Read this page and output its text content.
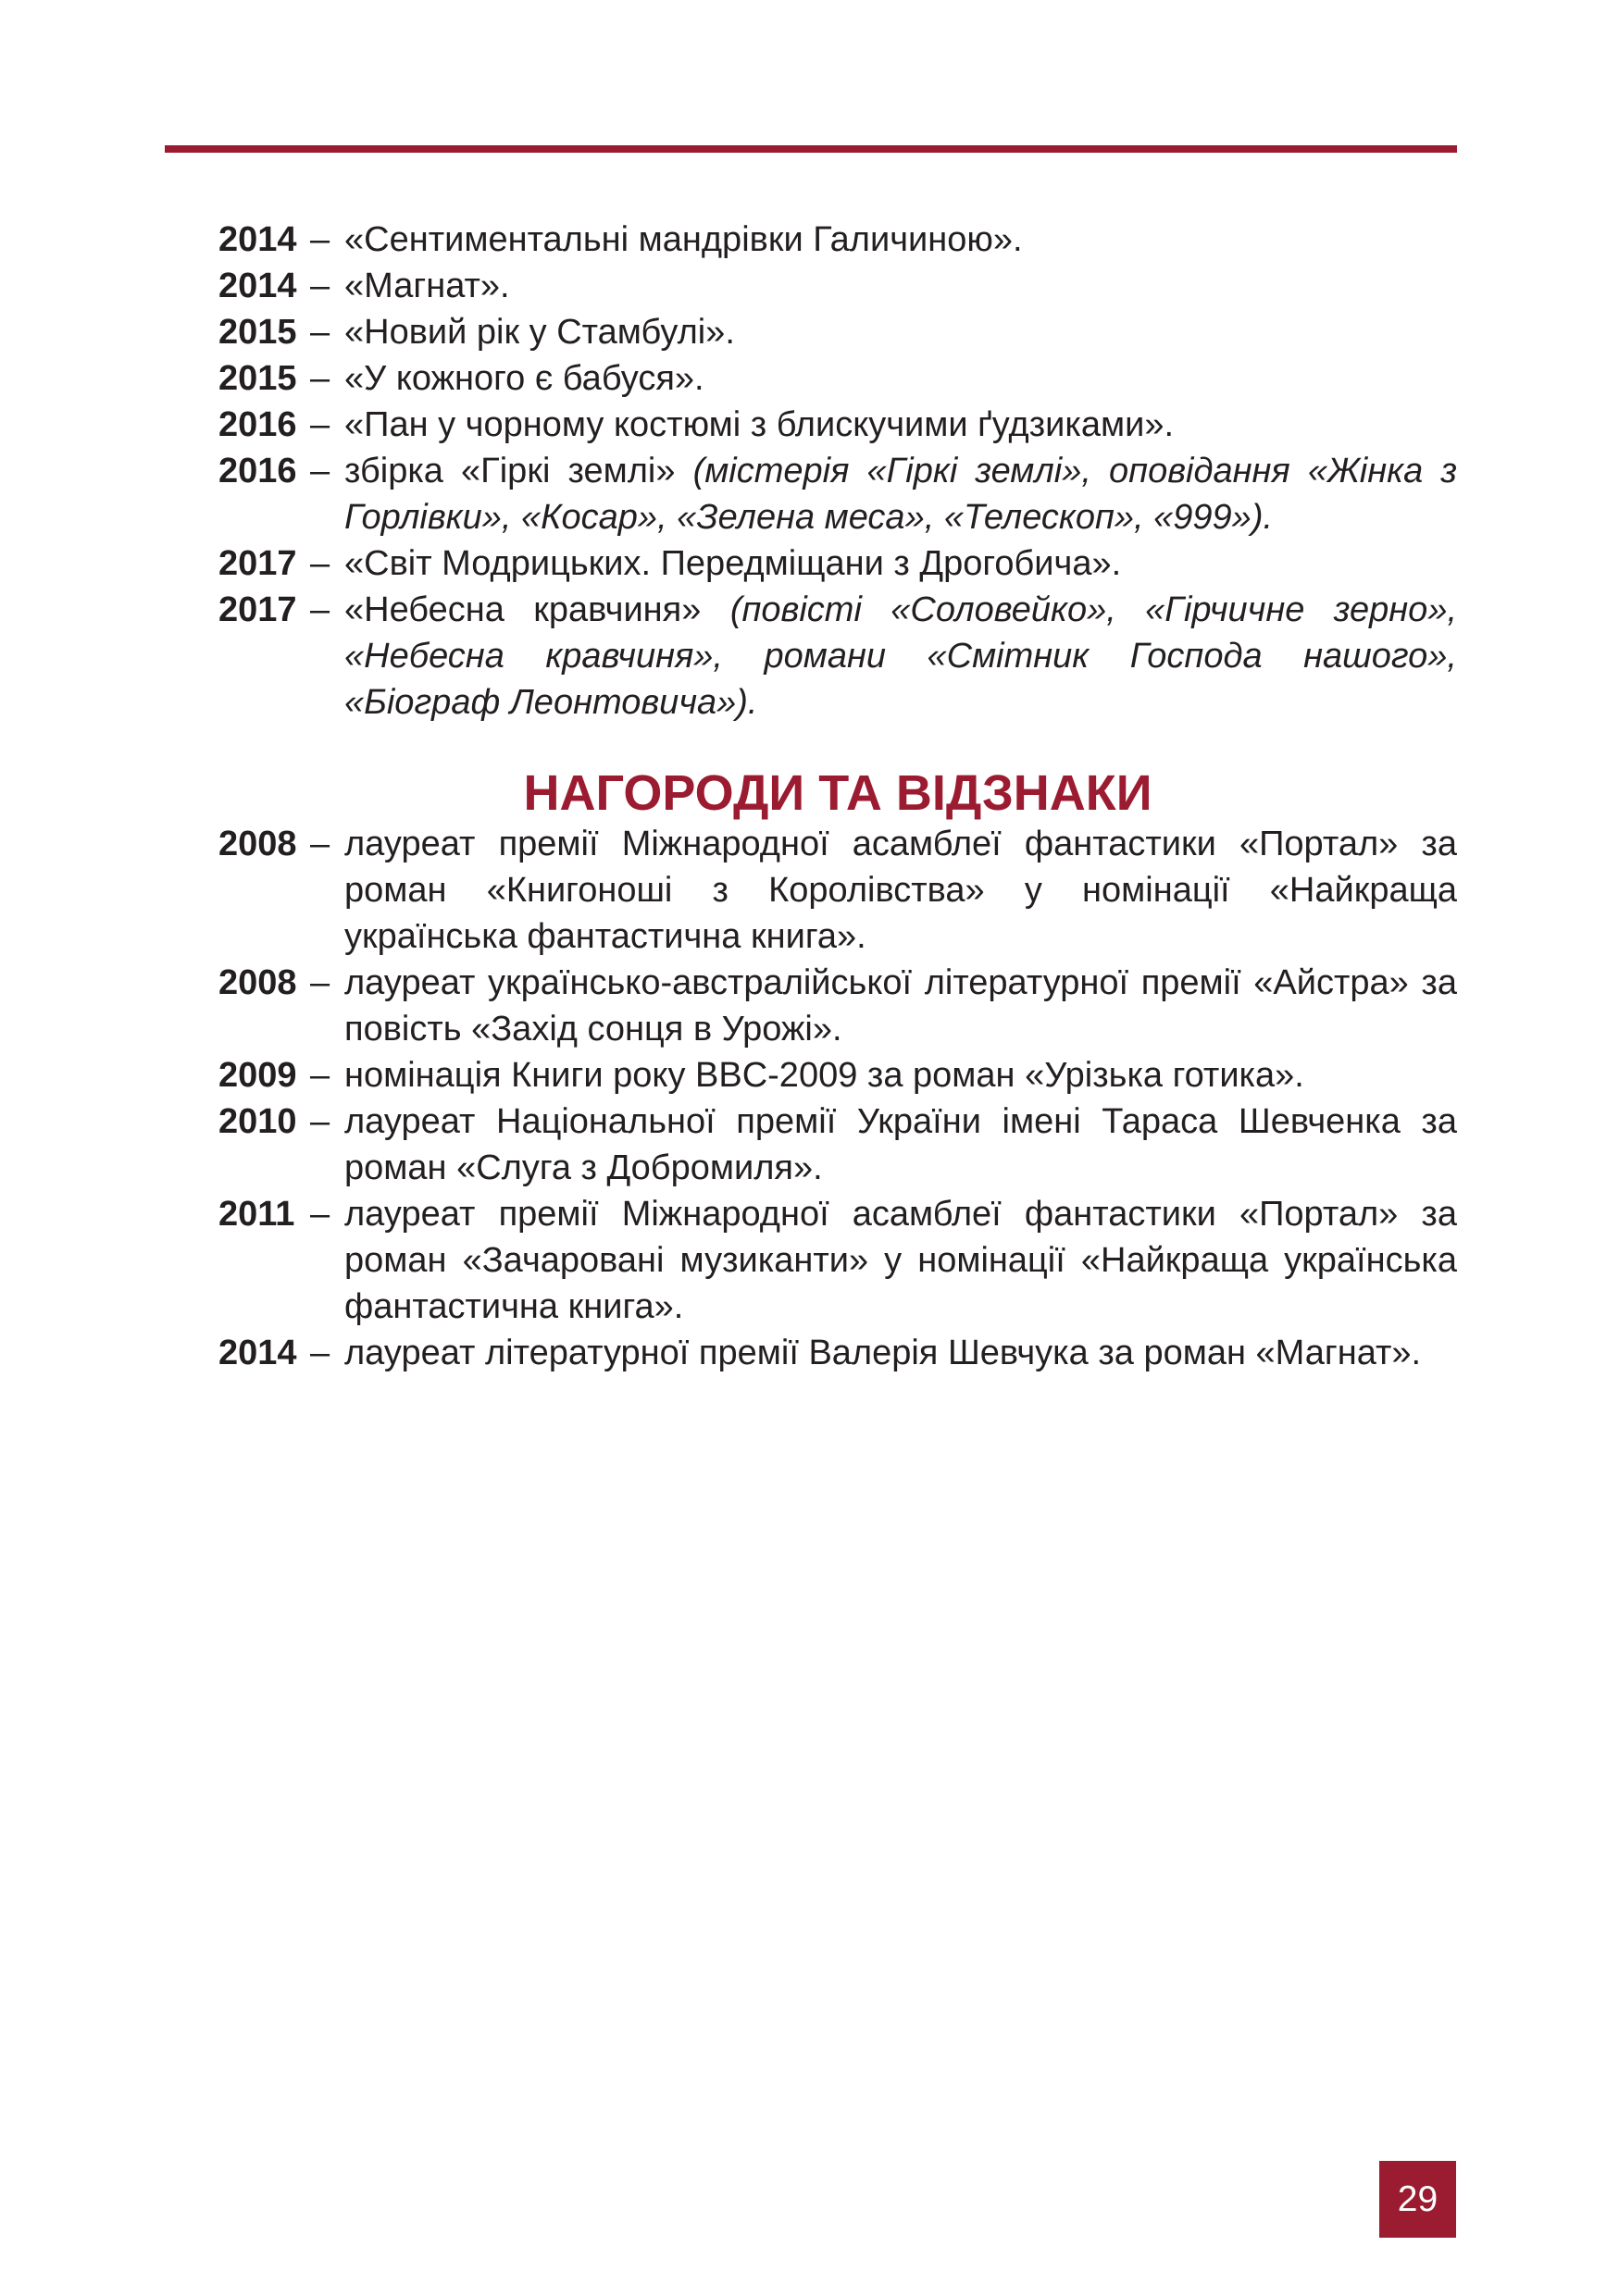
2014 – «Сентиментальні мандрівки Галичиною».
2014 – «Магнат».
2015 – «Новий рік у Стамбулі».
2015 – «У кожного є бабуся».
2016 – «Пан у чорному костюмі з блискучими ґудзиками».
2016 – збірка «Гіркі землі» (містерія «Гіркі землі», оповідання «Жінка з Горлівки», «Косар», «Зелена меса», «Телескоп», «999»).
2017 – «Світ Модрицьких. Передміщани з Дрогобича».
2017 – «Небесна кравчиня» (повісті «Соловейко», «Гірчичне зерно», «Небесна кравчиня», романи «Смітник Господа нашого», «Біограф Леонтовича»).
НАГОРОДИ ТА ВІДЗНАКИ
2008 – лауреат премії Міжнародної асамблеї фантастики «Портал» за роман «Книгоноші з Королівства» у номінації «Найкраща українська фантастична книга».
2008 – лауреат українсько-австралійської літературної премії «Айстра» за повість «Захід сонця в Урожі».
2009 – номінація Книги року BBC-2009 за роман «Урізька готика».
2010 – лауреат Національної премії України імені Тараса Шевченка за роман «Слуга з Добромиля».
2011 – лауреат премії Міжнародної асамблеї фантастики «Портал» за роман «Зачаровані музиканти» у номінації «Найкраща українська фантастична книга».
2014 – лауреат літературної премії Валерія Шевчука за роман «Магнат».
29
